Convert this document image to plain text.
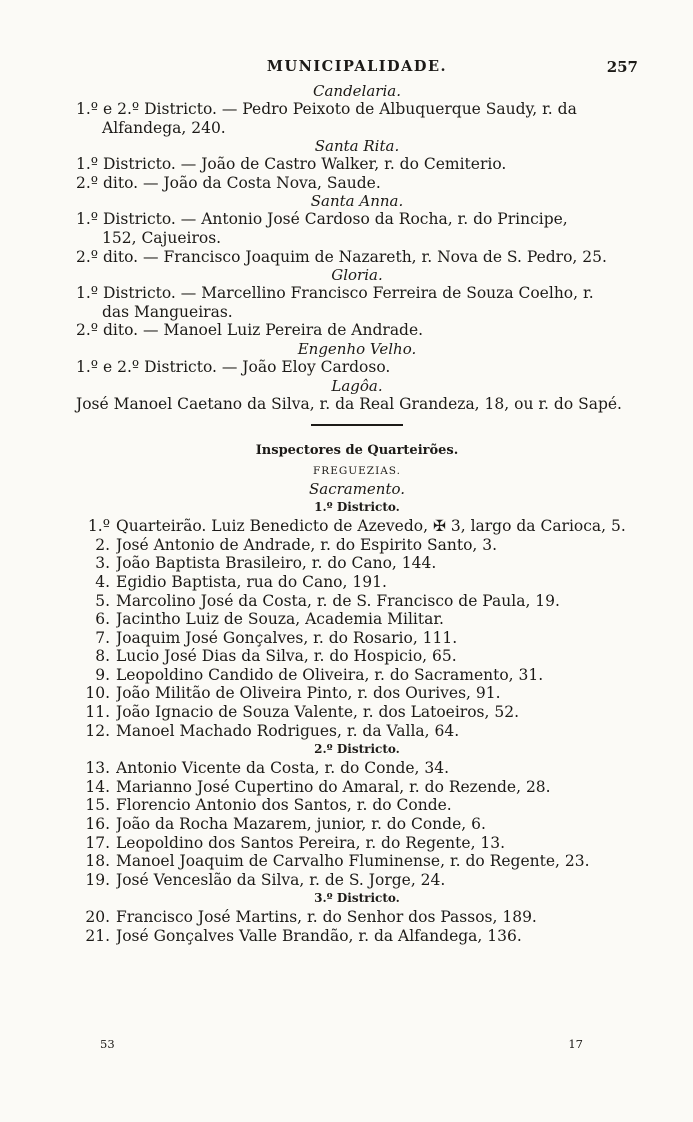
MUNICIPALIDADE.	257
Candelaria.
1.º e 2.º Districto. — Pedro Peixoto de Albuquerque Saudy, r. da
Alfandega, 240.
Santa Rita.
1.º Districto. — João de Castro Walker, r. do Cemiterio.
2.º dito. — João da Costa Nova, Saude.
Santa Anna.
1.º Districto. — Antonio José Cardoso da Rocha, r. do Principe,
152, Cajueiros.
2.º dito. — Francisco Joaquim de Nazareth, r. Nova de S. Pedro, 25.
Gloria.
1.º Districto. — Marcellino Francisco Ferreira de Souza Coelho, r.
das Mangueiras.
2.º dito. — Manoel Luiz Pereira de Andrade.
Engenho Velho.
1.º e 2.º Districto. — João Eloy Cardoso.
Lagôa.
José Manoel Caetano da Silva, r. da Real Grandeza, 18, ou r. do Sapé.
Inspectores de Quarteirões.
FREGUEZIAS.
Sacramento.
1.º Districto.
1.º Quarteirão. Luiz Benedicto de Azevedo, ✠ 3, largo da Carioca, 5.
2. José Antonio de Andrade, r. do Espirito Santo, 3.
3. João Baptista Brasileiro, r. do Cano, 144.
4. Egidio Baptista, rua do Cano, 191.
5. Marcolino José da Costa, r. de S. Francisco de Paula, 19.
6. Jacintho Luiz de Souza, Academia Militar.
7. Joaquim José Gonçalves, r. do Rosario, 111.
8. Lucio José Dias da Silva, r. do Hospicio, 65.
9. Leopoldino Candido de Oliveira, r. do Sacramento, 31.
10. João Militão de Oliveira Pinto, r. dos Ourives, 91.
11. João Ignacio de Souza Valente, r. dos Latoeiros, 52.
12. Manoel Machado Rodrigues, r. da Valla, 64.
2.º Districto.
13. Antonio Vicente da Costa, r. do Conde, 34.
14. Marianno José Cupertino do Amaral, r. do Rezende, 28.
15. Florencio Antonio dos Santos, r. do Conde.
16. João da Rocha Mazarem, junior, r. do Conde, 6.
17. Leopoldino dos Santos Pereira, r. do Regente, 13.
18. Manoel Joaquim de Carvalho Fluminense, r. do Regente, 23.
19. José Venceslão da Silva, r. de S. Jorge, 24.
3.º Districto.
20. Francisco José Martins, r. do Senhor dos Passos, 189.
21. José Gonçalves Valle Brandão, r. da Alfandega, 136.
53	17
